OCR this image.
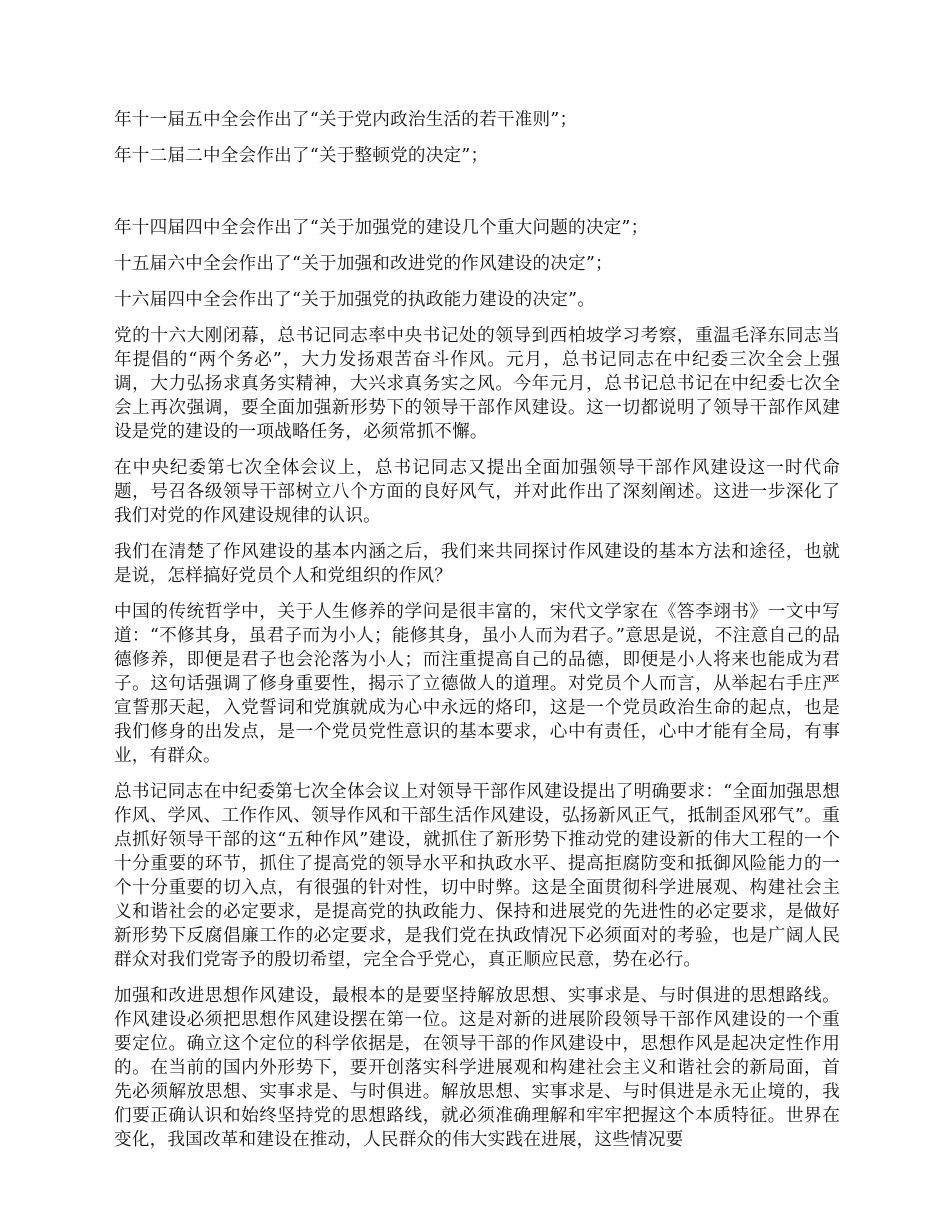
年十一届五中全会作出了“关于党内政治生活的若干准则”；

年十二届二中全会作出了“关于整顿党的决定”；

年十四届四中全会作出了“关于加强党的建设几个重大问题的决定”；

十五届六中全会作出了“关于加强和改进党的作风建设的决定”；

十六届四中全会作出了“关于加强党的执政能力建设的决定”。

党的十六大刚闭幕，总书记同志率中央书记处的领导到西柏坡学习考察，重温毛泽东同志当年提倡的“两个务必”，大力发扬艰苦奋斗作风。元月，总书记同志在中纪委三次全会上强调，大力弘扬求真务实精神，大兴求真务实之风。今年元月，总书记总书记在中纪委七次全会上再次强调，要全面加强新形势下的领导干部作风建设。这一切都说明了领导干部作风建设是党的建设的一项战略任务，必须常抓不懈。

在中央纪委第七次全体会议上，总书记同志又提出全面加强领导干部作风建设这一时代命题，号召各级领导干部树立八个方面的良好风气，并对此作出了深刻阐述。这进一步深化了我们对党的作风建设规律的认识。

我们在清楚了作风建设的基本内涵之后，我们来共同探讨作风建设的基本方法和途径，也就是说，怎样搞好党员个人和党组织的作风？

中国的传统哲学中，关于人生修养的学问是很丰富的，宋代文学家在《答李翊书》一文中写道：“不修其身，虽君子而为小人；能修其身，虽小人而为君子。”意思是说，不注意自己的品德修养，即便是君子也会沦落为小人；而注重提高自己的品德，即便是小人将来也能成为君子。这句话强调了修身重要性，揭示了立德做人的道理。对党员个人而言，从举起右手庄严宣誓那天起，入党誓词和党旗就成为心中永远的烙印，这是一个党员政治生命的起点，也是我们修身的出发点，是一个党员党性意识的基本要求，心中有责任，心中才能有全局，有事业，有群众。

总书记同志在中纪委第七次全体会议上对领导干部作风建设提出了明确要求：“全面加强思想作风、学风、工作作风、领导作风和干部生活作风建设，弘扬新风正气，抵制歪风邪气”。重点抓好领导干部的这“五种作风”建设，就抓住了新形势下推动党的建设新的伟大工程的一个十分重要的环节，抓住了提高党的领导水平和执政水平、提高拒腐防变和抵御风险能力的一个十分重要的切入点，有很强的针对性，切中时弊。这是全面贯彻科学进展观、构建社会主义和谐社会的必定要求，是提高党的执政能力、保持和进展党的先进性的必定要求，是做好新形势下反腐倡廉工作的必定要求，是我们党在执政情况下必须面对的考验，也是广阔人民群众对我们党寄予的殷切希望，完全合乎党心，真正顺应民意，势在必行。

加强和改进思想作风建设，最根本的是要坚持解放思想、实事求是、与时俱进的思想路线。作风建设必须把思想作风建设摆在第一位。这是对新的进展阶段领导干部作风建设的一个重要定位。确立这个定位的科学依据是，在领导干部的作风建设中，思想作风是起决定性作用的。在当前的国内外形势下，要开创落实科学进展观和构建社会主义和谐社会的新局面，首先必须解放思想、实事求是、与时俱进。解放思想、实事求是、与时俱进是永无止境的，我们要正确认识和始终坚持党的思想路线，就必须准确理解和牢牢把握这个本质特征。世界在变化，我国改革和建设在推动，人民群众的伟大实践在进展，这些情况要
